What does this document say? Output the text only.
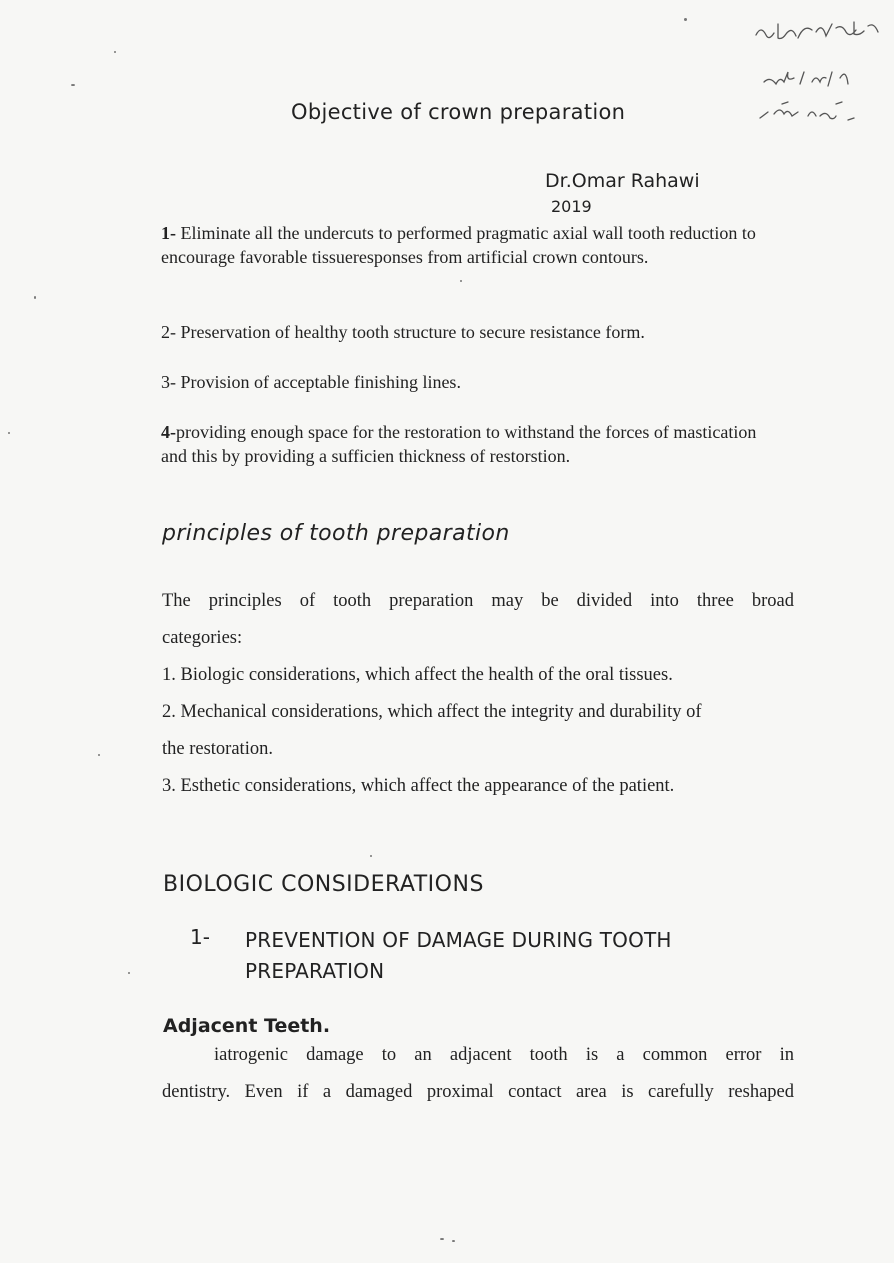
Objective of crown preparation
Dr.Omar Rahawi
2019

1- Eliminate all the undercuts to performed pragmatic axial wall tooth reduction to encourage favorable tissueresponses from artificial crown contours.

2- Preservation of healthy tooth structure to secure resistance form.

3- Provision of acceptable finishing lines.

4-providing enough space for the restoration to withstand the forces of mastication and this by providing a sufficien thickness of restorstion.

principles of tooth preparation
The principles of tooth preparation may be divided into three broad
categories:
1. Biologic considerations, which affect the health of the oral tissues.
2. Mechanical considerations, which affect the integrity and durability of
the restoration.
3. Esthetic considerations, which affect the appearance of the patient.
BIOLOGIC CONSIDERATIONS
1- PREVENTION OF DAMAGE DURING TOOTH PREPARATION
Adjacent Teeth.
iatrogenic damage to an adjacent tooth is a common error in
dentistry. Even if a damaged proximal contact area is carefully reshaped
